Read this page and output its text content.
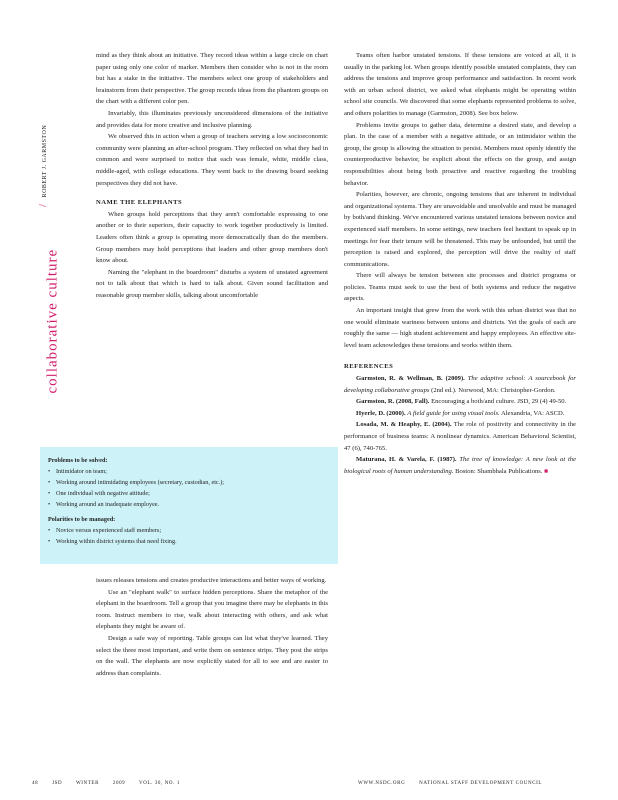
collaborative culture
/ROBERT J. GARMSTON

mind as they think about an initiative. They record ideas within a large circle on chart paper using only one color of marker. Members then consider who is not in the room but has a stake in the initiative. The members select one group of stakeholders and brainstorm from their perspective. The group records ideas from the phantom groups on the chart with a different color pen.

Invariably, this illuminates previously unconsidered dimensions of the initiative and provides data for more creative and inclusive planning.

We observed this in action when a group of teachers serving a low socioeconomic community were planning an after-school program. They reflected on what they had in common and were surprised to notice that each was female, white, middle class, middle-aged, with college educations. They went back to the drawing board seeking perspectives they did not have.

NAME THE ELEPHANTS

When groups hold perceptions that they aren't comfortable expressing to one another or to their superiors, their capacity to work together productively is limited. Leaders often think a group is operating more democratically than do the members. Group members may hold perceptions that leaders and other group members don't know about.

Naming the "elephant in the boardroom" disturbs a system of unstated agreement not to talk about that which is hard to talk about. Given sound facilitation and reasonable group member skills, talking about uncomfortable

Problems to be solved:

• Intimidator on team;
• Working around intimidating employees (secretary, custodian, etc.);
• One individual with negative attitude;
• Working around an inadequate employee.

Polarities to be managed:

• Novice versus experienced staff members;
• Working within district systems that need fixing.

issues releases tensions and creates productive interactions and better ways of working.

Use an "elephant walk" to surface hidden perceptions. Share the metaphor of the elephant in the boardroom. Tell a group that you imagine there may be elephants in this room. Instruct members to rise, walk about interacting with others, and ask what elephants they might be aware of.

Design a safe way of reporting. Table groups can list what they've learned. They select the three most important, and write them on sentence strips. They post the strips on the wall. The elephants are now explicitly stated for all to see and are easier to address than complaints.

Teams often harbor unstated tensions. If these tensions are voiced at all, it is usually in the parking lot. When groups identify possible unstated complaints, they can address the tensions and improve group performance and satisfaction. In recent work with an urban school district, we asked what elephants might be operating within school site councils. We discovered that some elephants represented problems to solve, and others polarities to manage (Garmston, 2008). See box below.

Problems invite groups to gather data, determine a desired state, and develop a plan. In the case of a member with a negative attitude, or an intimidator within the group, the group is allowing the situation to persist. Members must openly identify the counterproductive behavior, be explicit about the effects on the group, and assign responsibilities about being both proactive and reactive regarding the troubling behavior.

Polarities, however, are chronic, ongoing tensions that are inherent in individual and organizational systems. They are unavoidable and unsolvable and must be managed by both/and thinking. We've encountered various unstated tensions between novice and experienced staff members. In some settings, new teachers feel hesitant to speak up in meetings for fear their tenure will be threatened. This may be unfounded, but until the perception is raised and explored, the perception will drive the reality of staff communications.

There will always be tension between site processes and district programs or policies. Teams must seek to use the best of both systems and reduce the negative aspects.

An important insight that grew from the work with this urban district was that no one would eliminate wariness between unions and districts. Yet the goals of each are roughly the same — high student achievement and happy employees. An effective site-level team acknowledges these tensions and works within them.

REFERENCES

Garmston, R. & Wellman, B. (2009). The adaptive school: A sourcebook for developing collaborative groups (2nd ed.). Norwood, MA: Christopher-Gordon.

Garmston, R. (2008, Fall). Encouraging a both/and culture. JSD, 29 (4) 49-50.

Hyerle, D. (2000). A field guide for using visual tools. Alexandria, VA: ASCD.

Losada, M. & Heaphy, E. (2004). The role of positivity and connectivity in the performance of business teams: A nonlinear dynamics. American Behavioral Scientist, 47 (6), 740-765.

Maturana, H. & Varela, F. (1987). The tree of knowledge: A new look at the biological roots of human understanding. Boston: Shambhala Publications. ■

48	JSD	WINTER	2009	VOL. 30, NO. 1	WWW.NSDC.ORG	NATIONAL STAFF DEVELOPMENT COUNCIL
